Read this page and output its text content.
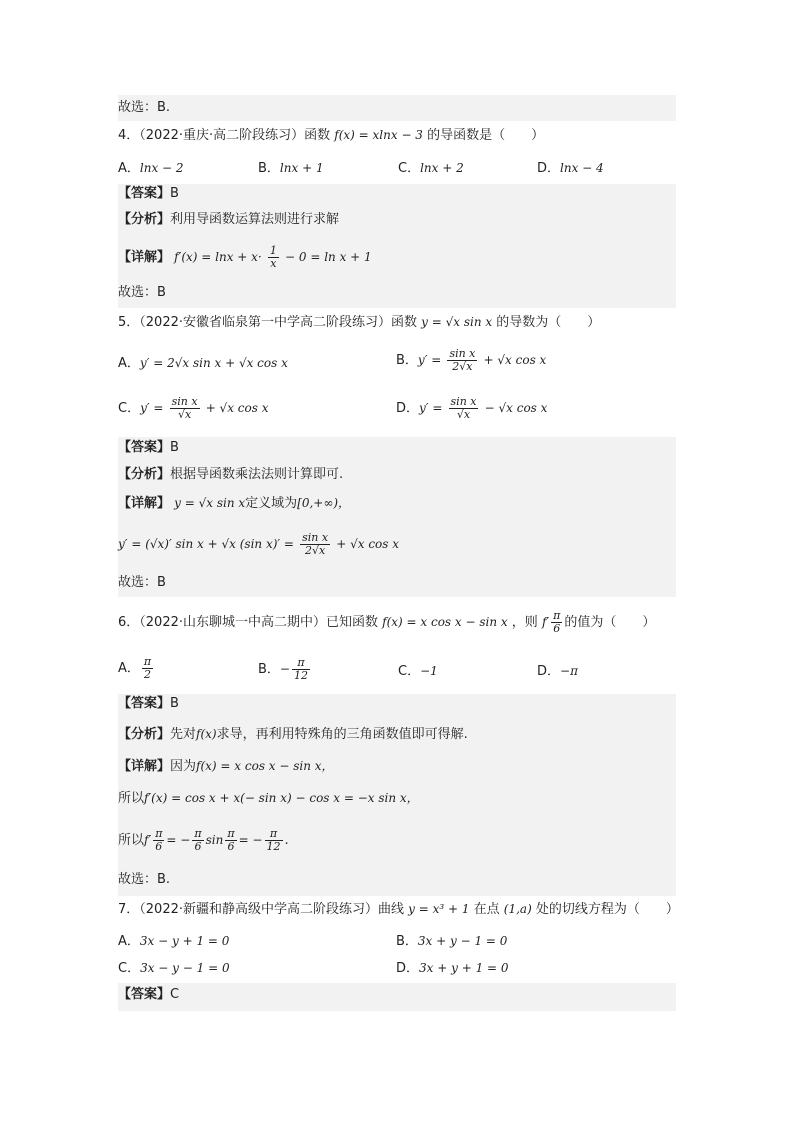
故选：B.
4．（2022·重庆·高二阶段练习）函数 f(x) = xlnx − 3 的导函数是（　　）
A．lnx − 2	B．lnx + 1	C．lnx + 2	D．lnx − 4
【答案】B
【分析】利用导函数运算法则进行求解
【详解】 $f'(x) = \ln x + x\cdot \frac{1}{x} - 0 = \ln x + 1$
故选：B
5．（2022·安徽省临泉第一中学高二阶段练习）函数 y = √x sin x 的导数为（　　）
A．y′ = 2√x sin x + √x cos x	B．$y' = \frac{\text{sin x}}{2√x} + √x$ cos x
C．$y' = \frac{\text{sin x}}{√x} + √x$ cos x	D．$y' = \frac{\text{sin x}}{√x} - √x$ cos x
【答案】B
【分析】根据导函数乘法法则计算即可.
【详解】 y = √x sin x定义域为[0,+∞)，
y′ = (√x)′ sin x + √x (sin $x)' = \frac{\text{sin x}}{2√x} + √x$ cos x
故选：B
6．（2022·山东聊城一中高二期中）已知函数 f(x) = x cos x − sin x ，则 $f' \frac{\pi}{6}$ 的值为（　　）
A． $\frac{\pi}{2}$	B．− $\frac{\pi}{12}$	C．−1	D．−π
【答案】B
【分析】先对f(x)求导，再利用特殊角的三角函数值即可得解.
【详解】因为f(x) = x cos x − sin x，
所以f′(x) = cos x + x(− sin x) − cos x = −x sin x，
所以$f' \frac{\pi}{6}$ = − $\frac{\pi}{6}$ $\sin \frac{\pi}{6}$ = − $\frac{\pi}{12}$ .
故选：B.
7．（2022·新疆和静高级中学高二阶段练习）曲线 y = x³ + 1 在点 (1,a) 处的切线方程为（　　）
A．3x − y + 1 = 0	B．3x + y − 1 = 0
C．3x − y − 1 = 0	D．3x + y + 1 = 0
【答案】C
